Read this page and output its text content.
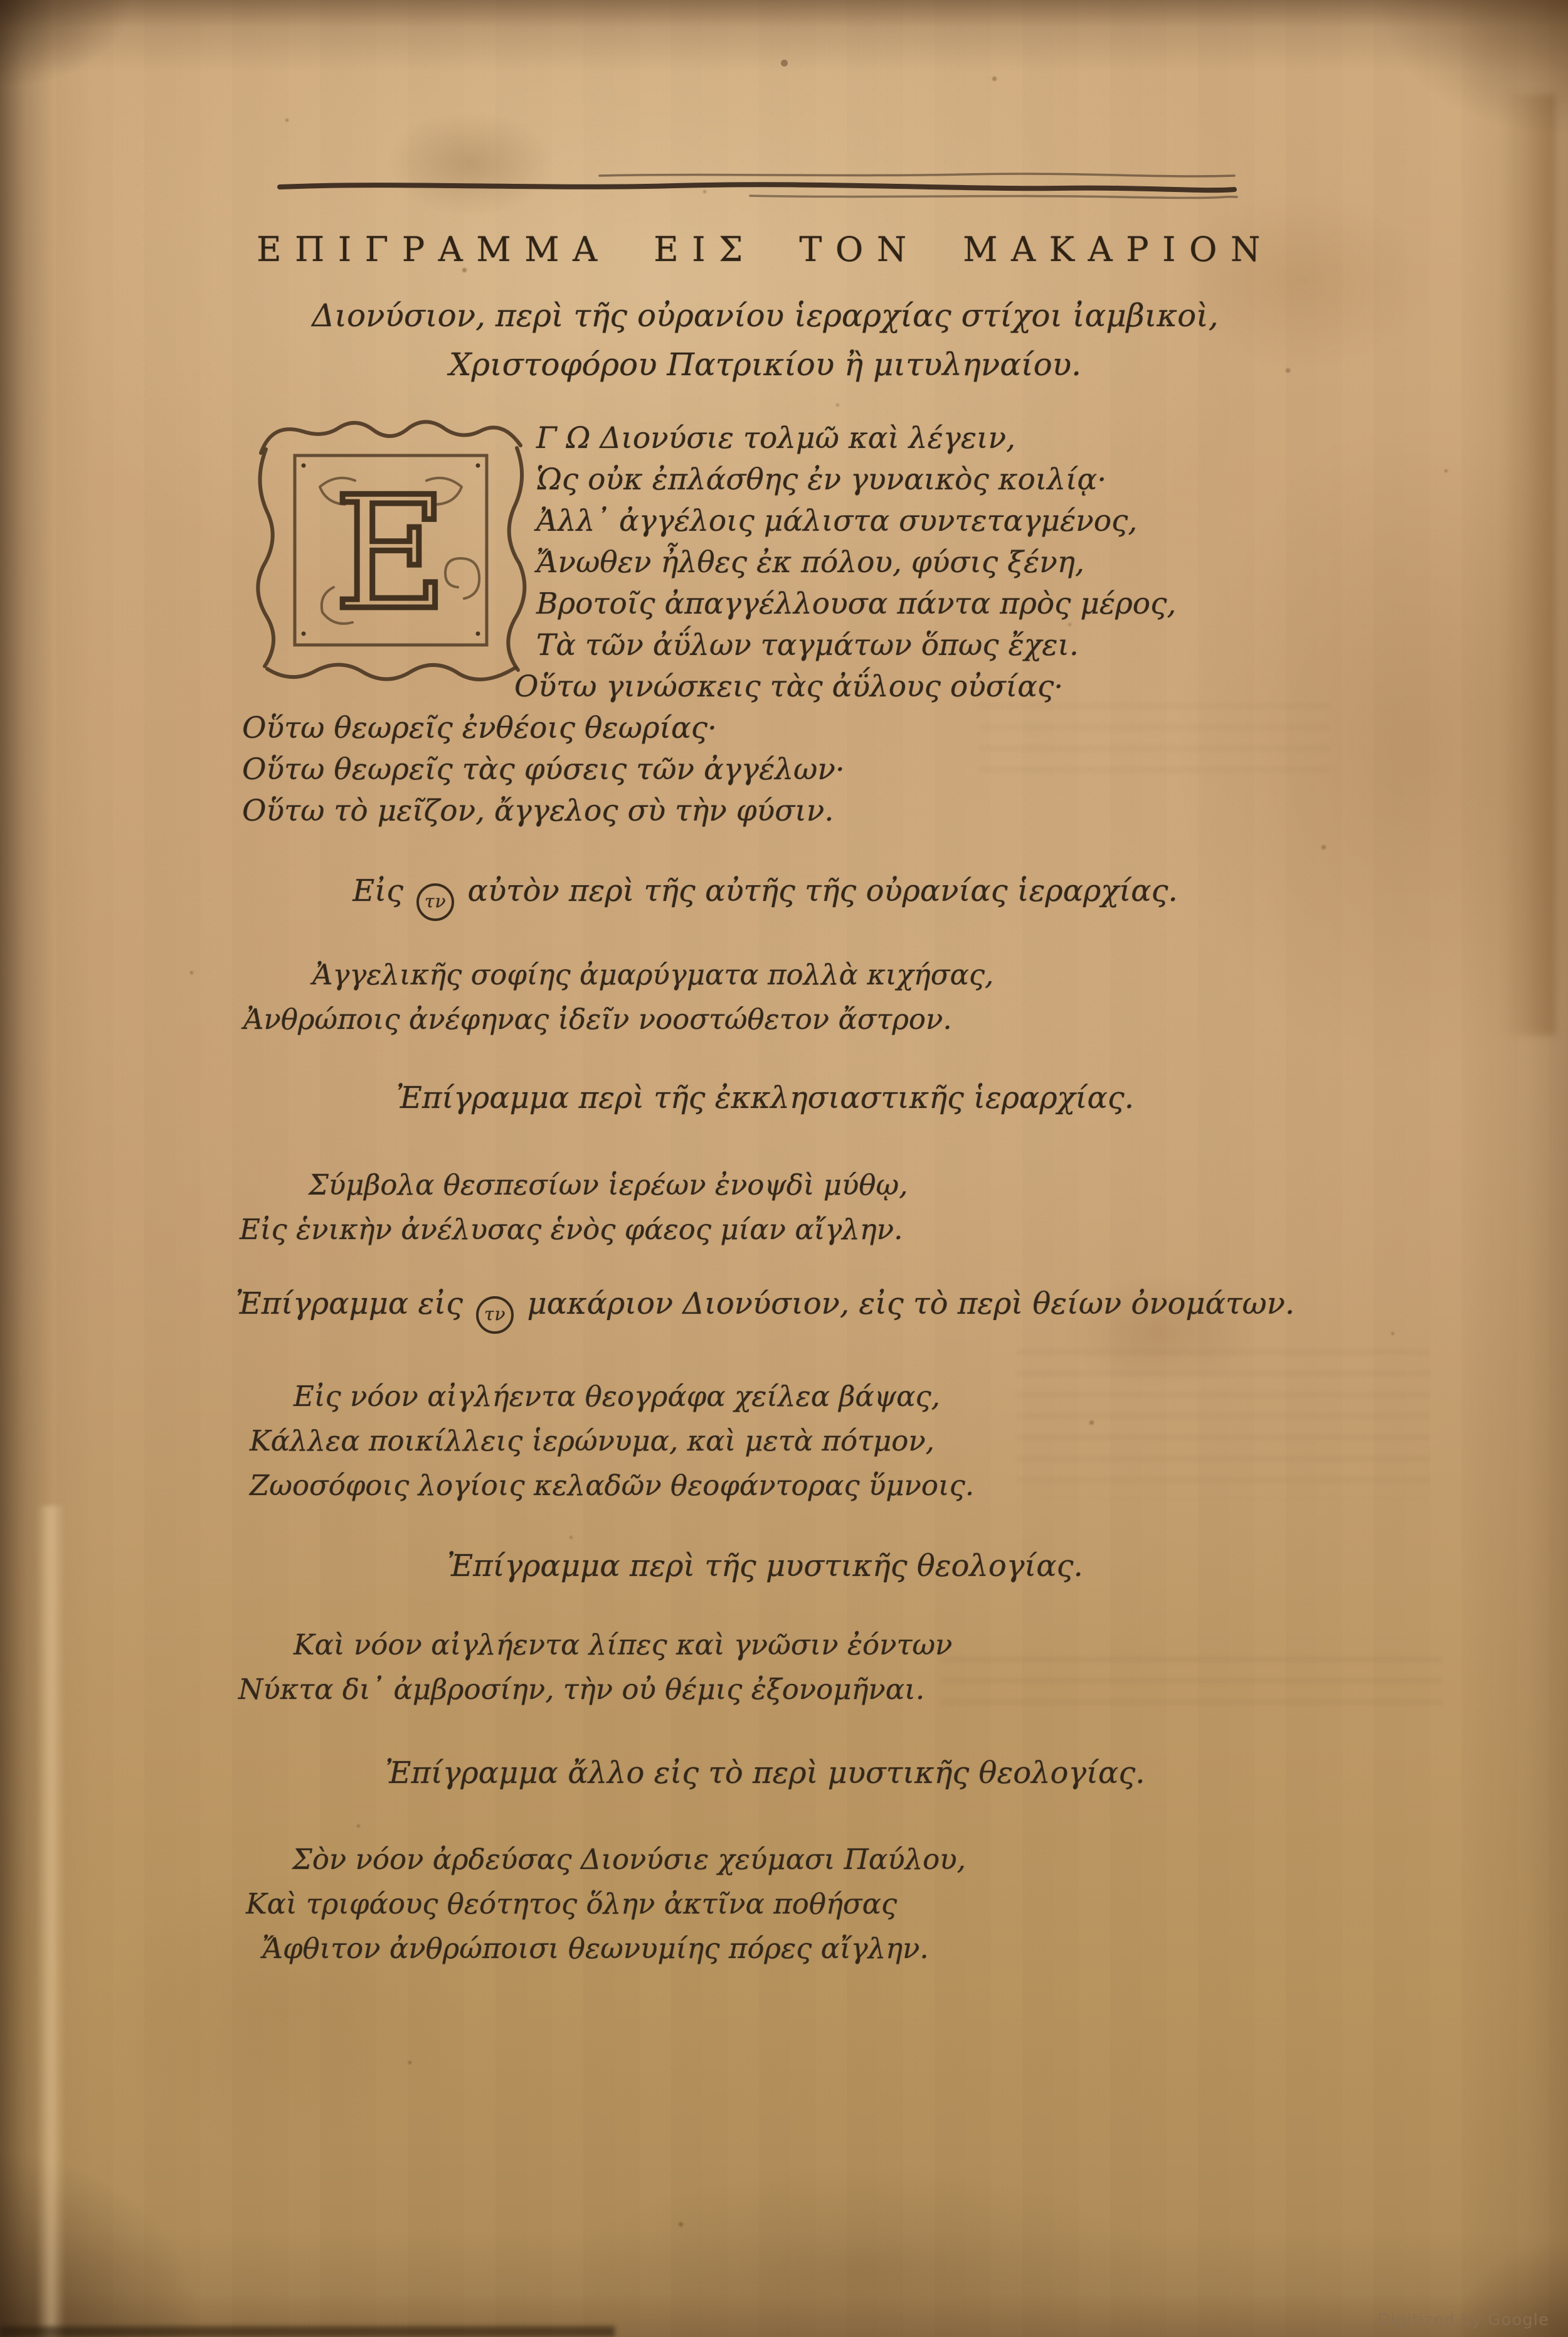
ΕΠΙΓΡΑΜΜΑ ΕΙΣ ΤΟΝ ΜΑΚΑΡΙΟΝ
Διονύσιον, περὶ τῆς οὐρανίου ἱεραρχίας στίχοι ἰαμβικοὶ,
Χριστοφόρου Πατρικίου ἢ μιτυληναίου.
E
Γ Ω Διονύσιε τολμῶ καὶ λέγειν,
Ὡς οὐκ ἐπλάσθης ἐν γυναικὸς κοιλίᾳ·
Ἀλλ᾽ ἀγγέλοις μάλιστα συντεταγμένος,
Ἄνωθεν ἦλθες ἐκ πόλου, φύσις ξένη,
Βροτοῖς ἀπαγγέλλουσα πάντα πρὸς μέρος,
Τὰ τῶν ἀΰλων ταγμάτων ὅπως ἔχει.
Οὕτω γινώσκεις τὰς ἀΰλους οὐσίας·
Οὕτω θεωρεῖς ἐνθέοις θεωρίας·
Οὕτω θεωρεῖς τὰς φύσεις τῶν ἀγγέλων·
Οὕτω τὸ μεῖζον, ἄγγελος σὺ τὴν φύσιν.
Εἰς τν αὐτὸν περὶ τῆς αὐτῆς τῆς οὐρανίας ἱεραρχίας.
Ἀγγελικῆς σοφίης ἀμαρύγματα πολλὰ κιχήσας,
Ἀνθρώποις ἀνέφηνας ἰδεῖν νοοστώθετον ἄστρον.
Ἐπίγραμμα περὶ τῆς ἐκκλησιαστικῆς ἱεραρχίας.
Σύμβολα θεσπεσίων ἱερέων ἐνοψδὶ μύθῳ,
Εἰς ἑνικὴν ἀνέλυσας ἑνὸς φάεος μίαν αἴγλην.
Ἐπίγραμμα εἰς τν μακάριον Διονύσιον, εἰς τὸ περὶ θείων ὀνομάτων.
Εἰς νόον αἰγλήεντα θεογράφα χείλεα βάψας,
Κάλλεα ποικίλλεις ἱερώνυμα, καὶ μετὰ πότμον,
Ζωοσόφοις λογίοις κελαδῶν θεοφάντορας ὕμνοις.
Ἐπίγραμμα περὶ τῆς μυστικῆς θεολογίας.
Καὶ νόον αἰγλήεντα λίπες καὶ γνῶσιν ἐόντων
Νύκτα δι᾽ ἀμβροσίην, τὴν οὐ θέμις ἐξονομῆναι.
Ἐπίγραμμα ἄλλο εἰς τὸ περὶ μυστικῆς θεολογίας.
Σὸν νόον ἀρδεύσας Διονύσιε χεύμασι Παύλου,
Καὶ τριφάους θεότητος ὅλην ἀκτῖνα ποθήσας
Ἄφθιτον ἀνθρώποισι θεωνυμίης πόρες αἴγλην.
Digitized by Google
